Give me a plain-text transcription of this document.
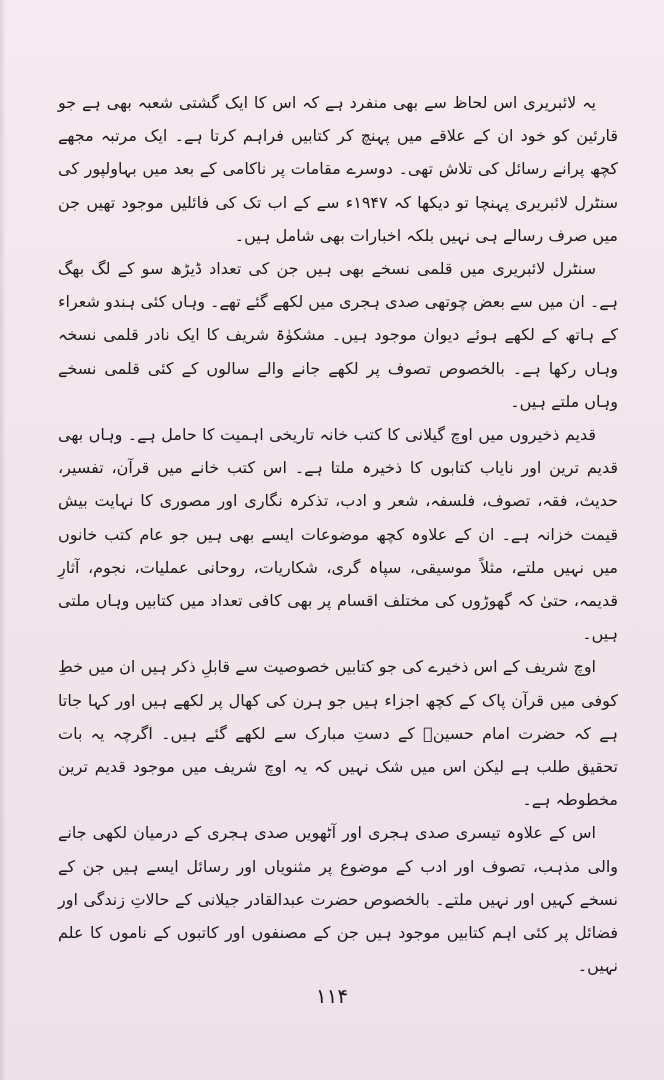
یہ لائبریری اس لحاظ سے بھی منفرد ہے کہ اس کا ایک گشتی شعبہ بھی ہے جو قارئین کو خود ان کے علاقے میں پہنچ کر کتابیں فراہم کرتا ہے۔ ایک مرتبہ مجھے کچھ پرانے رسائل کی تلاش تھی۔ دوسرے مقامات پر ناکامی کے بعد میں بہاولپور کی سنٹرل لائبریری پہنچا تو دیکھا کہ ۱۹۴۷ء سے کے اب تک کی فائلیں موجود تھیں جن میں صرف رسالے ہی نہیں بلکہ اخبارات بھی شامل ہیں۔

سنٹرل لائبریری میں قلمی نسخے بھی ہیں جن کی تعداد ڈیڑھ سو کے لگ بھگ ہے۔ ان میں سے بعض چوتھی صدی ہجری میں لکھے گئے تھے۔ وہاں کئی ہندو شعراء کے ہاتھ کے لکھے ہوئے دیوان موجود ہیں۔ مشکوٰۃ شریف کا ایک نادر قلمی نسخہ وہاں رکھا ہے۔ بالخصوص تصوف پر لکھے جانے والے سالوں کے کئی قلمی نسخے وہاں ملتے ہیں۔

قدیم ذخیروں میں اوچ گیلانی کا کتب خانہ تاریخی اہمیت کا حامل ہے۔ وہاں بھی قدیم ترین اور نایاب کتابوں کا ذخیرہ ملتا ہے۔ اس کتب خانے میں قرآن، تفسیر، حدیث، فقہ، تصوف، فلسفہ، شعر و ادب، تذکرہ نگاری اور مصوری کا نہایت بیش قیمت خزانہ ہے۔ ان کے علاوہ کچھ موضوعات ایسے بھی ہیں جو عام کتب خانوں میں نہیں ملتے، مثلاً موسیقی، سپاہ گری، شکاریات، روحانی عملیات، نجوم، آثارِ قدیمہ، حتیٰ کہ گھوڑوں کی مختلف اقسام پر بھی کافی تعداد میں کتابیں وہاں ملتی ہیں۔

اوچ شریف کے اس ذخیرے کی جو کتابیں خصوصیت سے قابلِ ذکر ہیں ان میں خطِ کوفی میں قرآن پاک کے کچھ اجزاء ہیں جو ہرن کی کھال پر لکھے ہیں اور کہا جاتا ہے کہ حضرت امام حسینؑ کے دستِ مبارک سے لکھے گئے ہیں۔ اگرچہ یہ بات تحقیق طلب ہے لیکن اس میں شک نہیں کہ یہ اوچ شریف میں موجود قدیم ترین مخطوطہ ہے۔

اس کے علاوہ تیسری صدی ہجری اور آٹھویں صدی ہجری کے درمیان لکھی جانے والی مذہب، تصوف اور ادب کے موضوع پر مثنویاں اور رسائل ایسے ہیں جن کے نسخے کہیں اور نہیں ملتے۔ بالخصوص حضرت عبدالقادر جیلانی کے حالاتِ زندگی اور فضائل پر کئی اہم کتابیں موجود ہیں جن کے مصنفوں اور کاتبوں کے ناموں کا علم نہیں۔

۱۱۴
